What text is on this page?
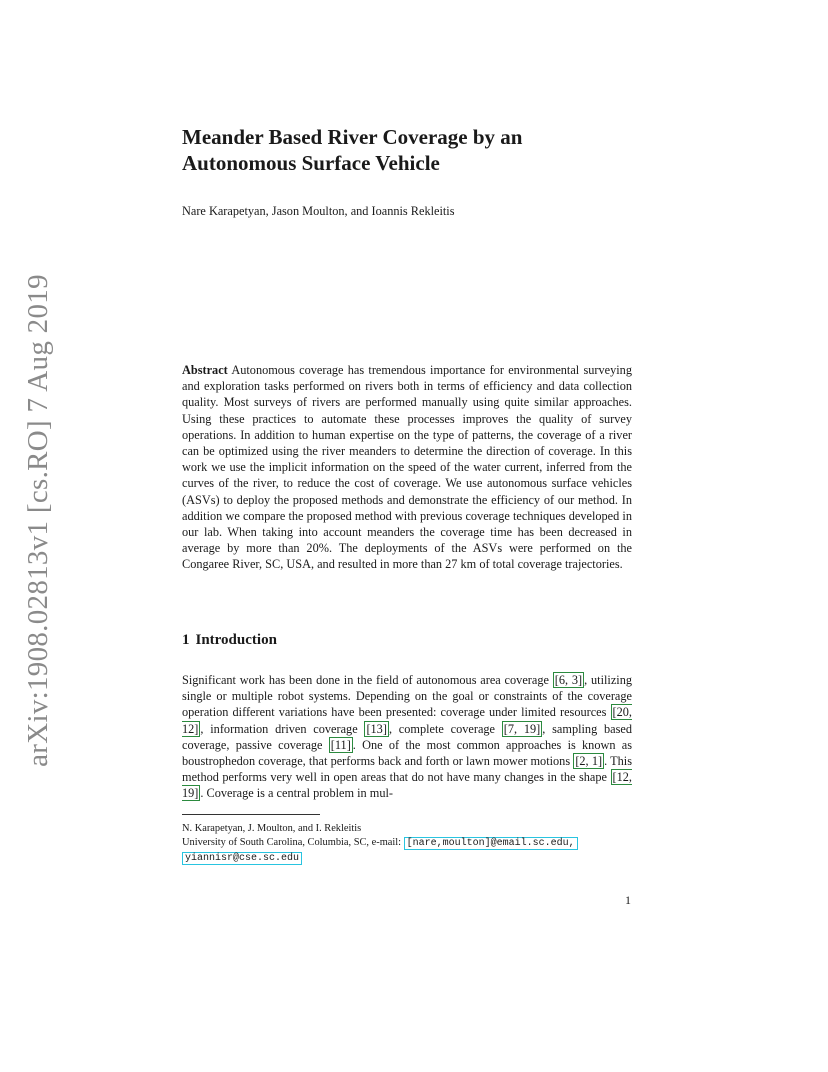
arXiv:1908.02813v1 [cs.RO] 7 Aug 2019
Meander Based River Coverage by an
Autonomous Surface Vehicle

Nare Karapetyan, Jason Moulton, and Ioannis Rekleitis

Abstract Autonomous coverage has tremendous importance for environmental surveying and exploration tasks performed on rivers both in terms of efficiency and data collection quality. Most surveys of rivers are performed manually using quite similar approaches. Using these practices to automate these processes improves the quality of survey operations. In addition to human expertise on the type of patterns, the coverage of a river can be optimized using the river meanders to determine the direction of coverage. In this work we use the implicit information on the speed of the water current, inferred from the curves of the river, to reduce the cost of coverage. We use autonomous surface vehicles (ASVs) to deploy the proposed methods and demonstrate the efficiency of our method. In addition we compare the proposed method with previous coverage techniques developed in our lab. When taking into account meanders the coverage time has been decreased in average by more than 20%. The deployments of the ASVs were performed on the Congaree River, SC, USA, and resulted in more than 27 km of total coverage trajectories.

1 Introduction

Significant work has been done in the field of autonomous area coverage [6, 3] , utilizing single or multiple robot systems. Depending on the goal or constraints of the coverage operation different variations have been presented: coverage under limited resources [20, 12] , information driven coverage [13] , complete coverage [7, 19] , sampling based coverage, passive coverage [11] . One of the most common approaches is known as boustrophedon coverage, that performs back and forth or lawn mower motions [2, 1] . This method performs very well in open areas that do not have many changes in the shape [12, 19] . Coverage is a central problem in mul-

N. Karapetyan, J. Moulton, and I. Rekleitis
University of South Carolina, Columbia, SC, e-mail: [nare,moulton]@email.sc.edu,
yiannisr@cse.sc.edu

1
